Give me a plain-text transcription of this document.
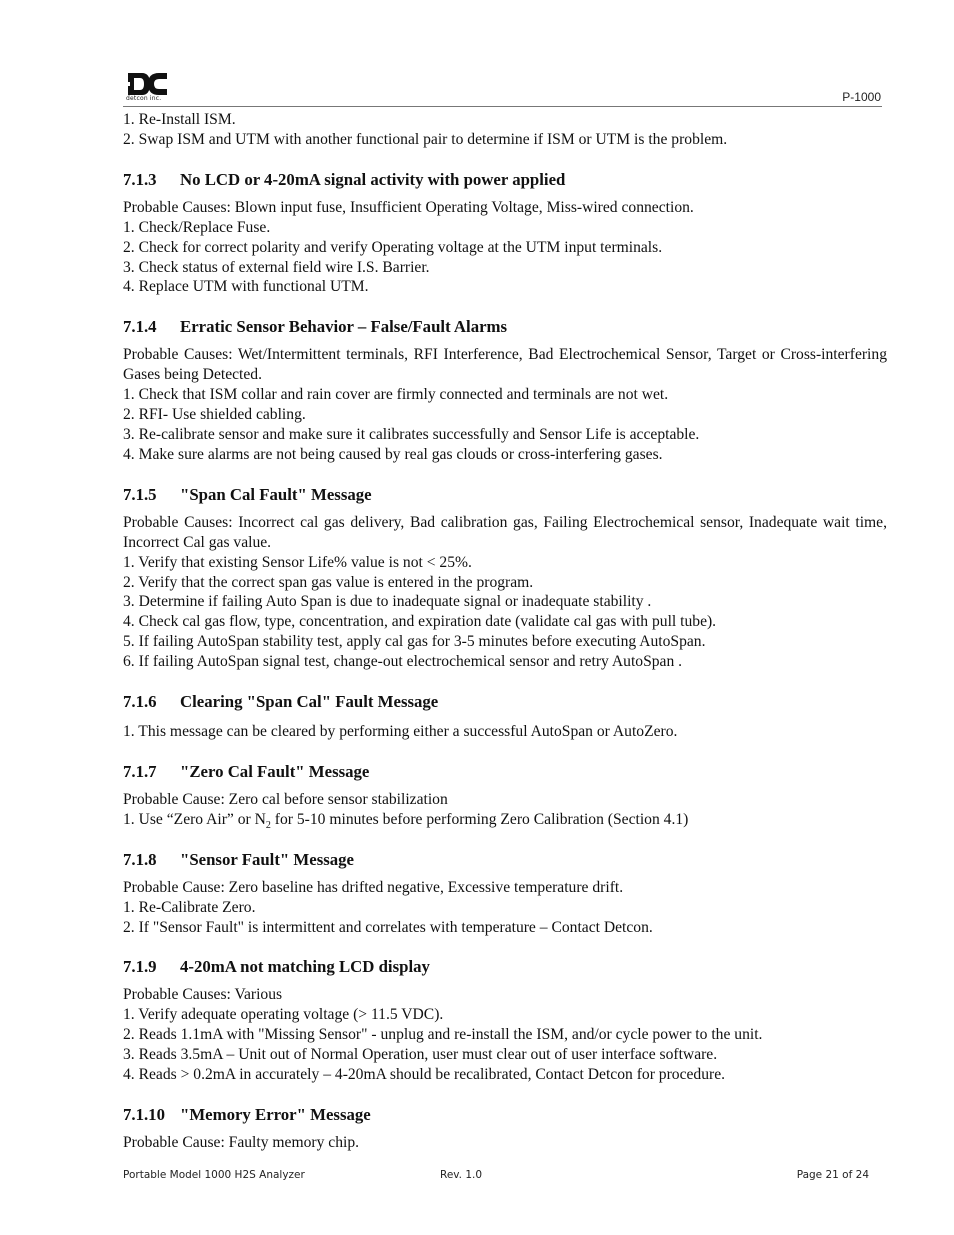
detcon inc.	P-1000
1. Re-Install ISM.
2. Swap ISM and UTM with another functional pair to determine if ISM or UTM is the problem.
7.1.3 No LCD or 4-20mA signal activity with power applied
Probable Causes: Blown input fuse, Insufficient Operating Voltage, Miss-wired connection.
1. Check/Replace Fuse.
2. Check for correct polarity and verify Operating voltage at the UTM input terminals.
3. Check status of external field wire I.S. Barrier.
4. Replace UTM with functional UTM.
7.1.4 Erratic Sensor Behavior – False/Fault Alarms
Probable Causes: Wet/Intermittent terminals, RFI Interference, Bad Electrochemical Sensor, Target or Cross-interfering Gases being Detected.
1. Check that ISM collar and rain cover are firmly connected and terminals are not wet.
2. RFI- Use shielded cabling.
3. Re-calibrate sensor and make sure it calibrates successfully and Sensor Life is acceptable.
4. Make sure alarms are not being caused by real gas clouds or cross-interfering gases.
7.1.5 "Span Cal Fault" Message
Probable Causes: Incorrect cal gas delivery, Bad calibration gas, Failing Electrochemical sensor, Inadequate wait time, Incorrect Cal gas value.
1. Verify that existing Sensor Life% value is not < 25%.
2. Verify that the correct span gas value is entered in the program.
3. Determine if failing Auto Span is due to inadequate signal or inadequate stability .
4. Check cal gas flow, type, concentration, and expiration date (validate cal gas with pull tube).
5. If failing AutoSpan stability test, apply cal gas for 3-5 minutes before executing AutoSpan.
6. If failing AutoSpan signal test, change-out electrochemical sensor and retry AutoSpan .
7.1.6 Clearing "Span Cal" Fault Message
1. This message can be cleared by performing either a successful AutoSpan or AutoZero.
7.1.7 "Zero Cal Fault" Message
Probable Cause: Zero cal before sensor stabilization
1. Use “Zero Air” or $N_2$ for 5-10 minutes before performing Zero Calibration (Section 4.1)
7.1.8 "Sensor Fault" Message
Probable Cause: Zero baseline has drifted negative, Excessive temperature drift.
1. Re-Calibrate Zero.
2. If "Sensor Fault" is intermittent and correlates with temperature – Contact Detcon.
7.1.9 4-20mA not matching LCD display
Probable Causes: Various
1. Verify adequate operating voltage (> 11.5 VDC).
2. Reads 1.1mA with "Missing Sensor" - unplug and re-install the ISM, and/or cycle power to the unit.
3. Reads 3.5mA – Unit out of Normal Operation, user must clear out of user interface software.
4. Reads > 0.2mA in accurately – 4-20mA should be recalibrated, Contact Detcon for procedure.
7.1.10 "Memory Error" Message
Probable Cause: Faulty memory chip.
Portable Model 1000 H2S Analyzer	Rev. 1.0	Page 21 of 24
